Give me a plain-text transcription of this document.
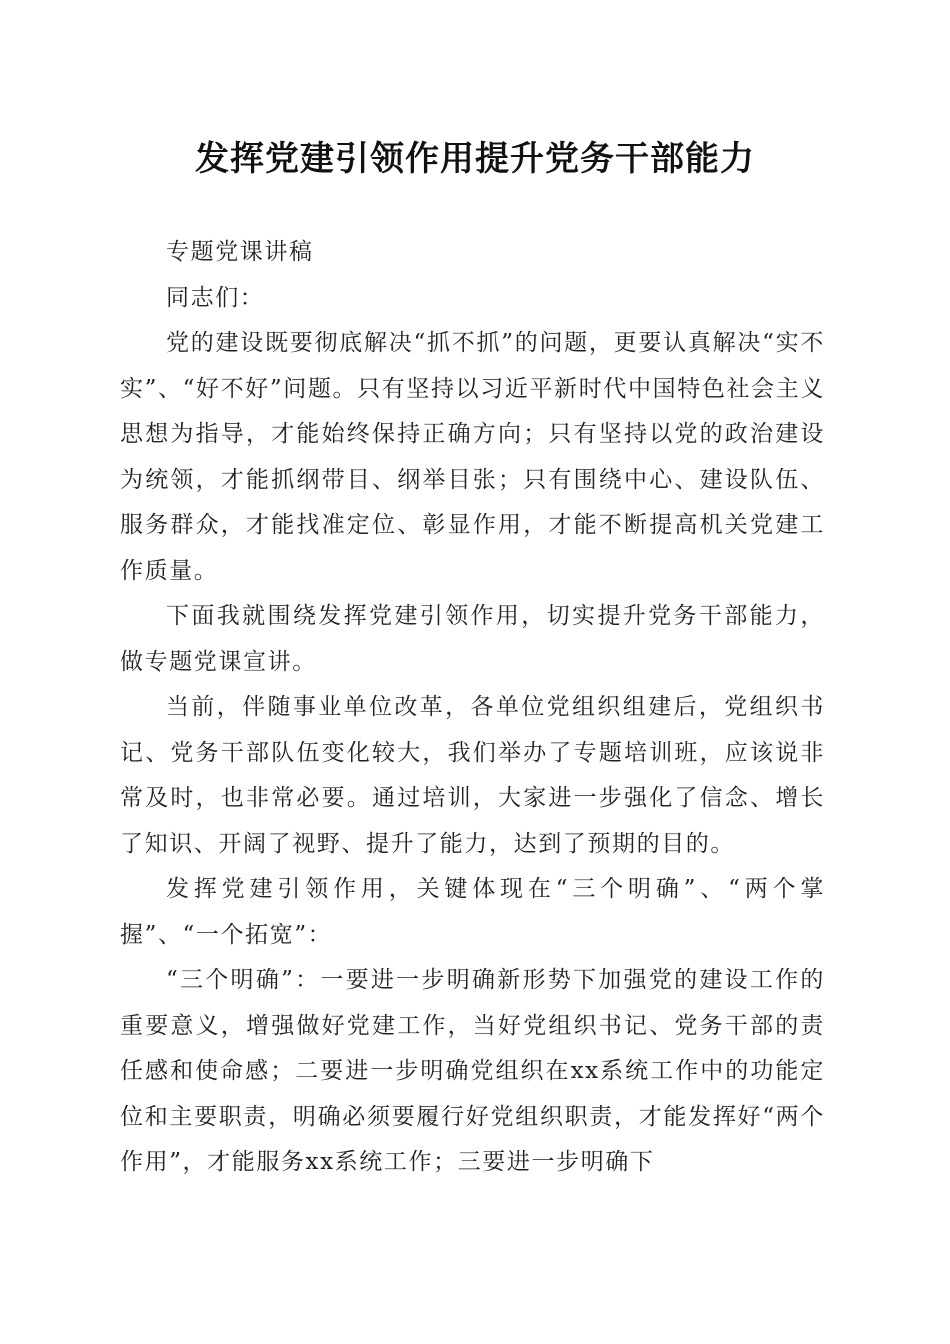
发挥党建引领作用提升党务干部能力

专题党课讲稿

同志们：

党的建设既要彻底解决“抓不抓”的问题，更要认真解决“实不实”、“好不好”问题。只有坚持以习近平新时代中国特色社会主义思想为指导，才能始终保持正确方向；只有坚持以党的政治建设为统领，才能抓纲带目、纲举目张；只有围绕中心、建设队伍、服务群众，才能找准定位、彰显作用，才能不断提高机关党建工作质量。

下面我就围绕发挥党建引领作用，切实提升党务干部能力，做专题党课宣讲。

当前，伴随事业单位改革，各单位党组织组建后，党组织书记、党务干部队伍变化较大，我们举办了专题培训班，应该说非常及时，也非常必要。通过培训，大家进一步强化了信念、增长了知识、开阔了视野、提升了能力，达到了预期的目的。

发挥党建引领作用，关键体现在“三个明确”、“两个掌握”、“一个拓宽”：

“三个明确”：一要进一步明确新形势下加强党的建设工作的重要意义，增强做好党建工作，当好党组织书记、党务干部的责任感和使命感；二要进一步明确党组织在xx系统工作中的功能定位和主要职责，明确必须要履行好党组织职责，才能发挥好“两个作用”，才能服务xx系统工作；三要进一步明确下
